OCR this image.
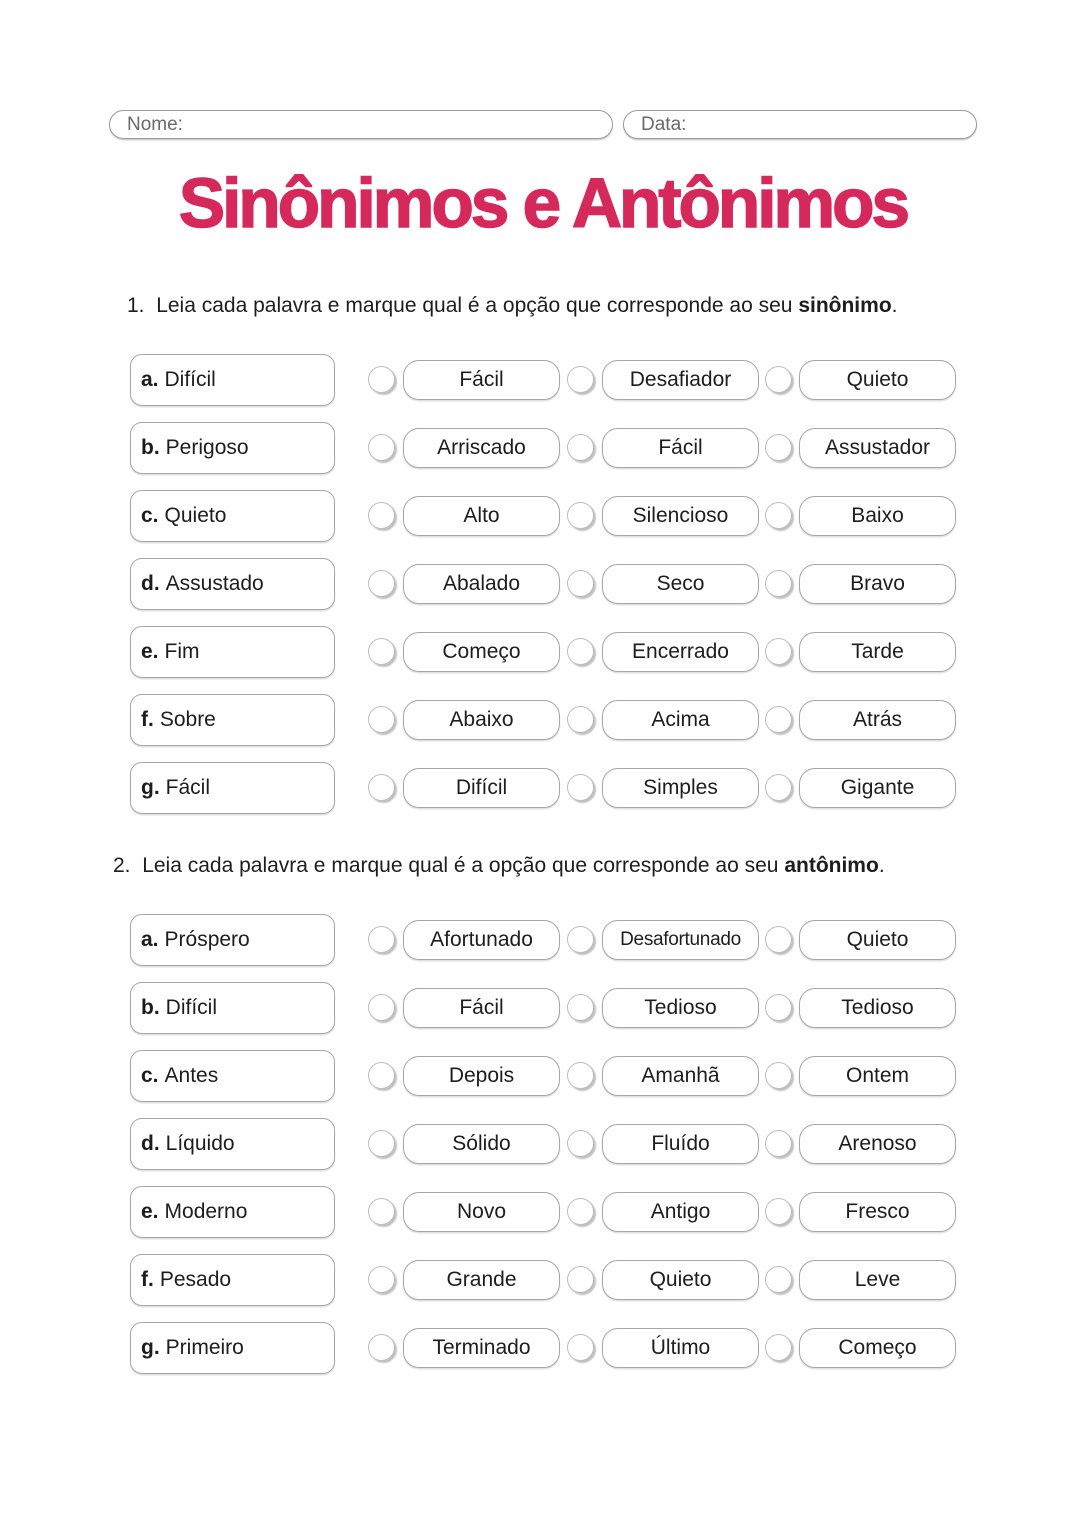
Nome:	Data:
Sinônimos e Antônimos
1. Leia cada palavra e marque qual é a opção que corresponde ao seu sinônimo.
2. Leia cada palavra e marque qual é a opção que corresponde ao seu antônimo.
a. Difícil	Fácil	Desafiador	Quieto
b. Perigoso	Arriscado	Fácil	Assustador
c. Quieto	Alto	Silencioso	Baixo
d. Assustado	Abalado	Seco	Bravo
e. Fim	Começo	Encerrado	Tarde
f. Sobre	Abaixo	Acima	Atrás
g. Fácil	Difícil	Simples	Gigante
a. Próspero	Afortunado	Desafortunado	Quieto
b. Difícil	Fácil	Tedioso	Tedioso
c. Antes	Depois	Amanhã	Ontem
d. Líquido	Sólido	Fluído	Arenoso
e. Moderno	Novo	Antigo	Fresco
f. Pesado	Grande	Quieto	Leve
g. Primeiro	Terminado	Último	Começo
